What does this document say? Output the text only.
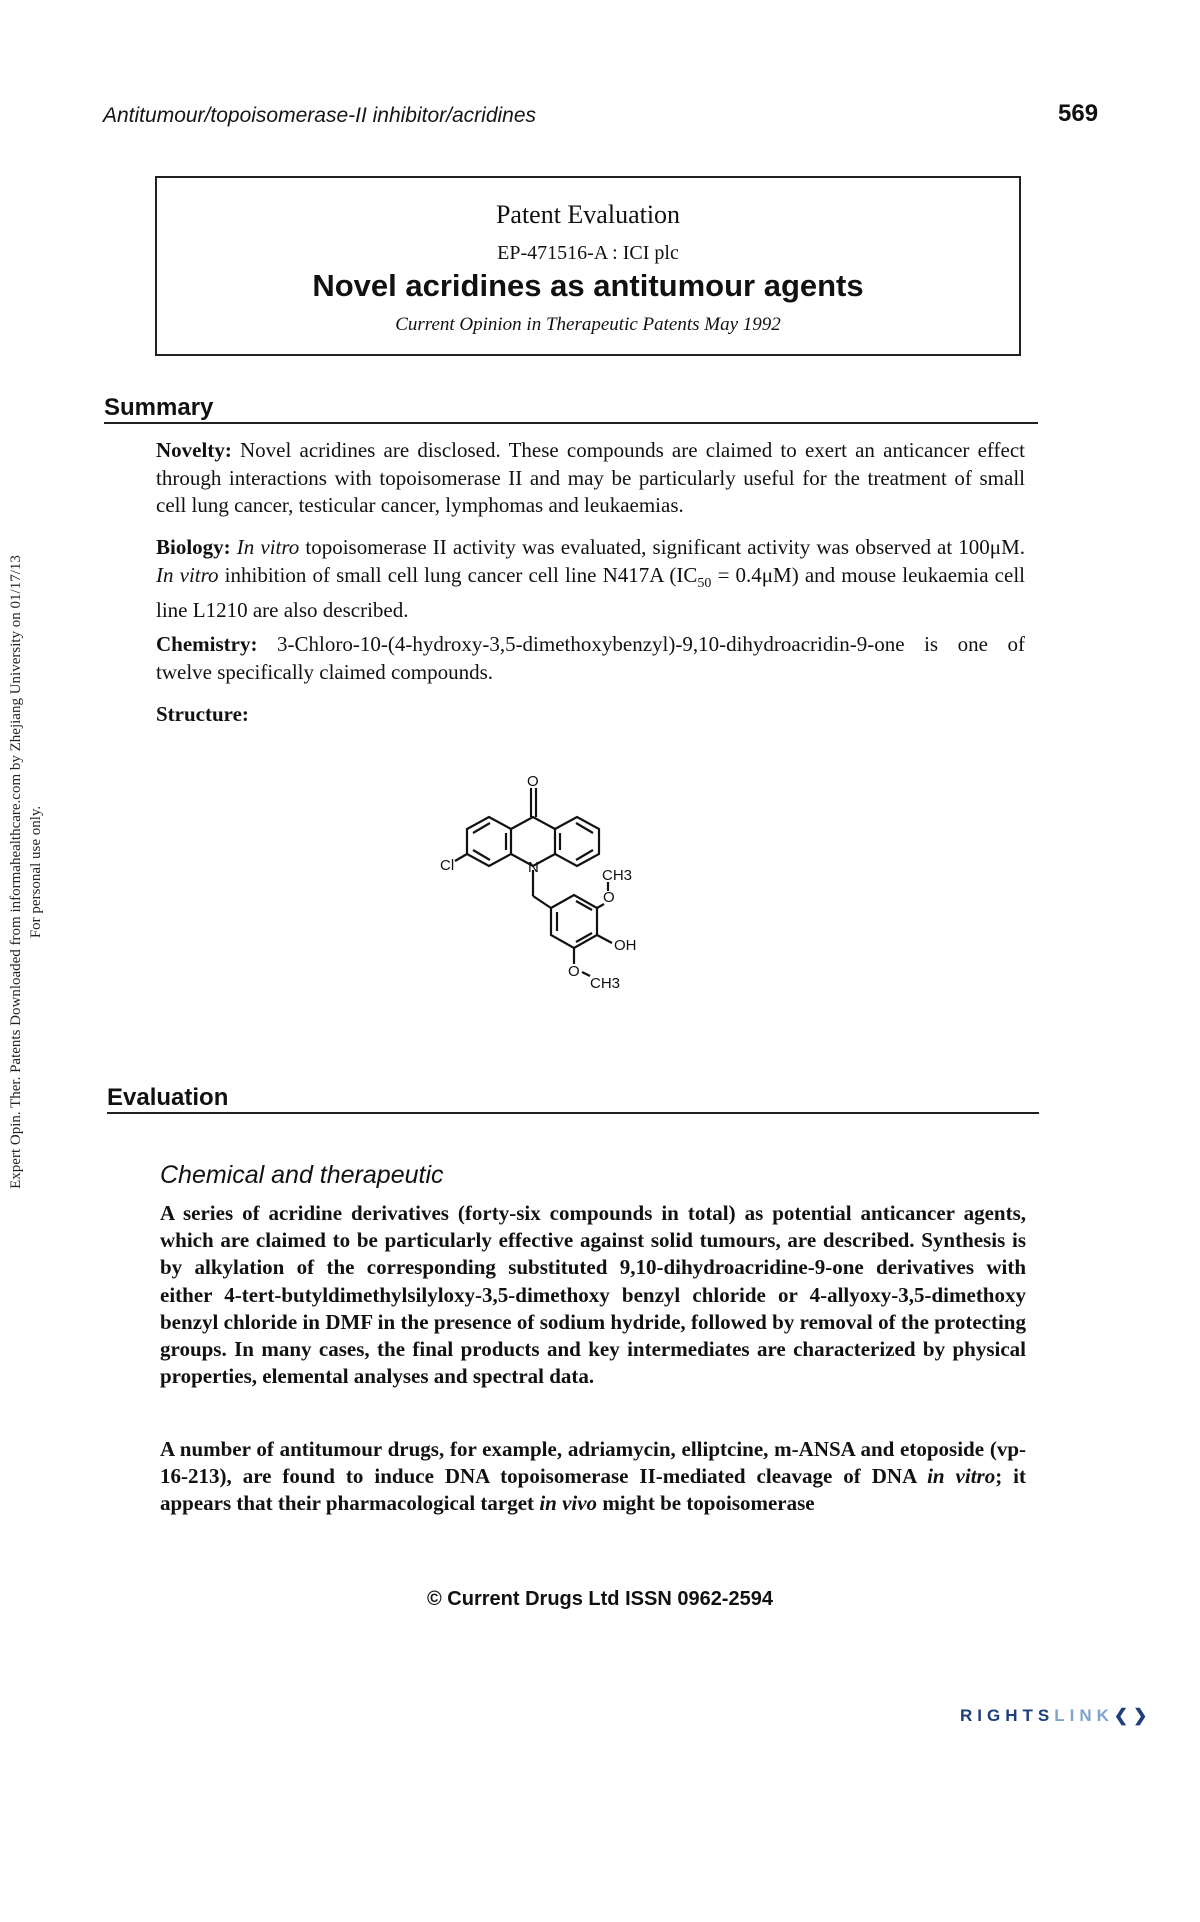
Antitumour/topoisomerase-II inhibitor/acridines	569
Patent Evaluation
EP-471516-A : ICI plc
Novel acridines as antitumour agents
Current Opinion in Therapeutic Patents May 1992
Summary
Novelty: Novel acridines are disclosed. These compounds are claimed to exert an anticancer effect through interactions with topoisomerase II and may be particularly useful for the treatment of small cell lung cancer, testicular cancer, lymphomas and leukaemias.
Biology: In vitro topoisomerase II activity was evaluated, significant activity was observed at 100μM. In vitro inhibition of small cell lung cancer cell line N417A $(IC_{50} = 0.4\mu M)$ and mouse leukaemia cell line L1210 are also described.
Chemistry: 3-Chloro-10-(4-hydroxy-3,5-dimethoxybenzyl)-9,10-dihydroacridin-9-one is one of twelve specifically claimed compounds.
Structure:
O
N
Cl
OH
O
CH3
O
CH3
Evaluation
Chemical and therapeutic
A series of acridine derivatives (forty-six compounds in total) as potential anticancer agents, which are claimed to be particularly effective against solid tumours, are described. Synthesis is by alkylation of the corresponding substituted 9,10-dihydroacridine-9-one derivatives with either 4-tert-butyldimethylsilyloxy-3,5-dimethoxy benzyl chloride or 4-allyoxy-3,5-dimethoxy benzyl chloride in DMF in the presence of sodium hydride, followed by removal of the protecting groups. In many cases, the final products and key intermediates are characterized by physical properties, elemental analyses and spectral data.
A number of antitumour drugs, for example, adriamycin, elliptcine, m-ANSA and etoposide (vp-16-213), are found to induce DNA topoisomerase II-mediated cleavage of DNA in vitro; it appears that their pharmacological target in vivo might be topoisomerase
© Current Drugs Ltd ISSN 0962-2594
Expert Opin. Ther. Patents Downloaded from informahealthcare.com by Zhejiang University on 01/17/13 For personal use only.
RIGHTSLINK❮❯
